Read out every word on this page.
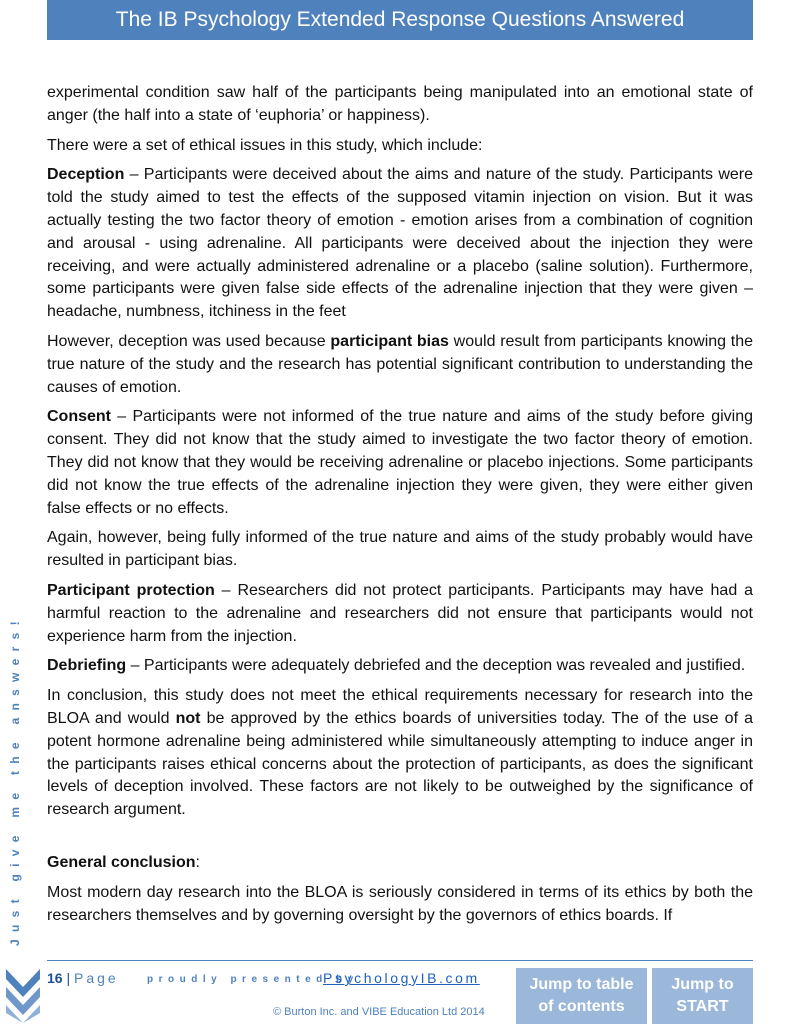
The IB Psychology Extended Response Questions Answered

experimental condition saw half of the participants being manipulated into an emotional state of anger (the half into a state of ‘euphoria’ or happiness).

There were a set of ethical issues in this study, which include:

Deception – Participants were deceived about the aims and nature of the study. Participants were told the study aimed to test the effects of the supposed vitamin injection on vision. But it was actually testing the two factor theory of emotion - emotion arises from a combination of cognition and arousal - using adrenaline. All participants were deceived about the injection they were receiving, and were actually administered adrenaline or a placebo (saline solution). Furthermore, some participants were given false side effects of the adrenaline injection that they were given – headache, numbness, itchiness in the feet

However, deception was used because participant bias would result from participants knowing the true nature of the study and the research has potential significant contribution to understanding the causes of emotion.

Consent – Participants were not informed of the true nature and aims of the study before giving consent. They did not know that the study aimed to investigate the two factor theory of emotion. They did not know that they would be receiving adrenaline or placebo injections. Some participants did not know the true effects of the adrenaline injection they were given, they were either given false effects or no effects.

Again, however, being fully informed of the true nature and aims of the study probably would have resulted in participant bias.

Participant protection – Researchers did not protect participants. Participants may have had a harmful reaction to the adrenaline and researchers did not ensure that participants would not experience harm from the injection.

Debriefing – Participants were adequately debriefed and the deception was revealed and justified.

In conclusion, this study does not meet the ethical requirements necessary for research into the BLOA and would not be approved by the ethics boards of universities today. The of the use of a potent hormone adrenaline being administered while simultaneously attempting to induce anger in the participants raises ethical concerns about the protection of participants, as does the significant levels of deception involved. These factors are not likely to be outweighed by the significance of research argument.

General conclusion:

Most modern day research into the BLOA is seriously considered in terms of its ethics by both the researchers themselves and by governing oversight by the governors of ethics boards. If

Just give me the answers!
16 | Page	proudly presented by
PsychologyIB.com
© Burton Inc. and VIBE Education Ltd 2014
Jump to table
of contents
Jump to
START
